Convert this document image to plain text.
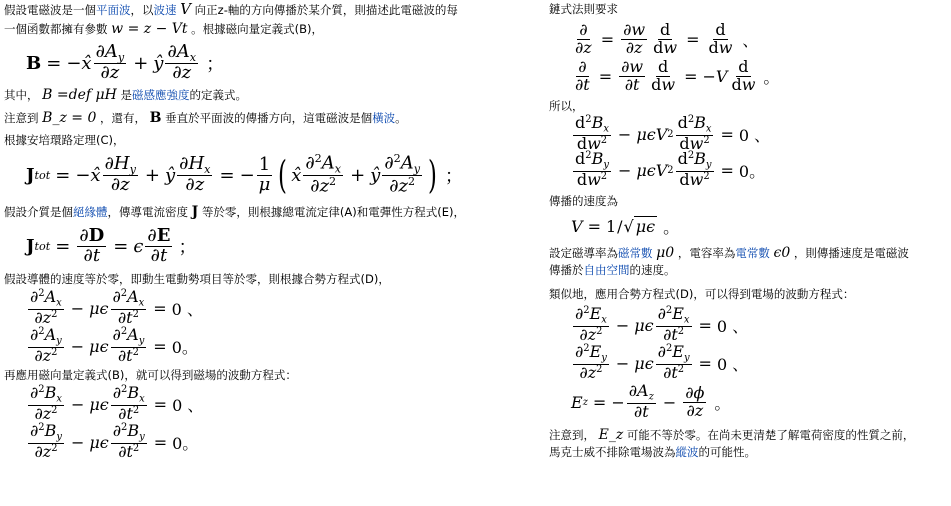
假設電磁波是一個平面波，以波速 V 向正z-軸的方向傳播於某介質，則描述此電磁波的每

一個函數都擁有參數 w = z − Vt 。根據磁向量定義式(B)，

B = − x̂ $\frac{\partial A_y}{\partial z}$ + ŷ $\frac{\partial A_x}{\partial z}$ ；

其中， B =def μH 是磁感應強度的定義式。

注意到 B_z = 0 ，還有， B 垂直於平面波的傳播方向，這電磁波是個橫波。

根據安培環路定理(C)，

J tot = − x̂ $\frac{\partial H_y}{\partial z}$ + ŷ $\frac{\partial H_x}{\partial z}$ = − $\frac{1}{\mu}$ ( x̂ $\frac{\partial^2A_x}{\partial z^2}$ + ŷ $\frac{\partial^2A_y}{\partial z^2}$ ) ；

假設介質是個絕緣體，傳導電流密度 J 等於零，則根據總電流定律(A)和電彈性方程式(E)，

J tot = $\frac{\partial D}{\partial t} = \epsilon \frac{\partial E}{\partial t}$ ；

假設導體的速度等於零，即動生電動勢項目等於零，則根據合勢方程式(D)，

$\frac{\partial^2A_x}{\partial z^2} - \mu\epsilon \frac{\partial^2A_x}{\partial t^2} = 0$ 、
$\frac{\partial^2A_y}{\partial z^2} - \mu\epsilon \frac{\partial^2A_y}{\partial t^2} = 0$。

再應用磁向量定義式(B)，就可以得到磁場的波動方程式：

$\frac{\partial^2B_x}{\partial z^2} - \mu\epsilon \frac{\partial^2B_x}{\partial t^2} = 0$ 、
$\frac{\partial^2B_y}{\partial z^2} - \mu\epsilon \frac{\partial^2B_y}{\partial t^2} = 0$。

鏈式法則要求

$\frac{\partial}{\partial z} = \frac{\partial w}{\partial z} \frac{d}{dw} = \frac{d}{dw}$ 、
$\frac{\partial}{\partial t} = \frac{\partial w}{\partial t} \frac{d}{dw}$ = − V $\frac{d}{dw}$ 。

所以，

$\frac{d^2B_x}{dw^2} - \mu\epsilon V$ $2 \frac{d^2B_x}{dw^2} = 0$ 、
$\frac{d^2B_y}{dw^2} - \mu\epsilon V$ $2 \frac{d^2B_y}{dw^2} = 0$。

傳播的速度為

V = 1 / √ μϵ 。

設定磁導率為磁常數 μ0 ，電容率為電常數 ϵ0 ，則傳播速度是電磁波

傳播於自由空間的速度。

類似地，應用合勢方程式(D)，可以得到電場的波動方程式：

$\frac{\partial^2E_x}{\partial z^2} - \mu\epsilon \frac{\partial^2E_x}{\partial t^2} = 0$ 、
$\frac{\partial^2E_y}{\partial z^2} - \mu\epsilon \frac{\partial^2E_y}{\partial t^2} = 0$ 、
E z = − $\frac{\partial A_z}{\partial t} - \frac{\partial\phi}{\partial z}$ 。

注意到， E_z 可能不等於零。在尚未更清楚了解電荷密度的性質之前，

馬克士威不排除電場波為縱波的可能性。
